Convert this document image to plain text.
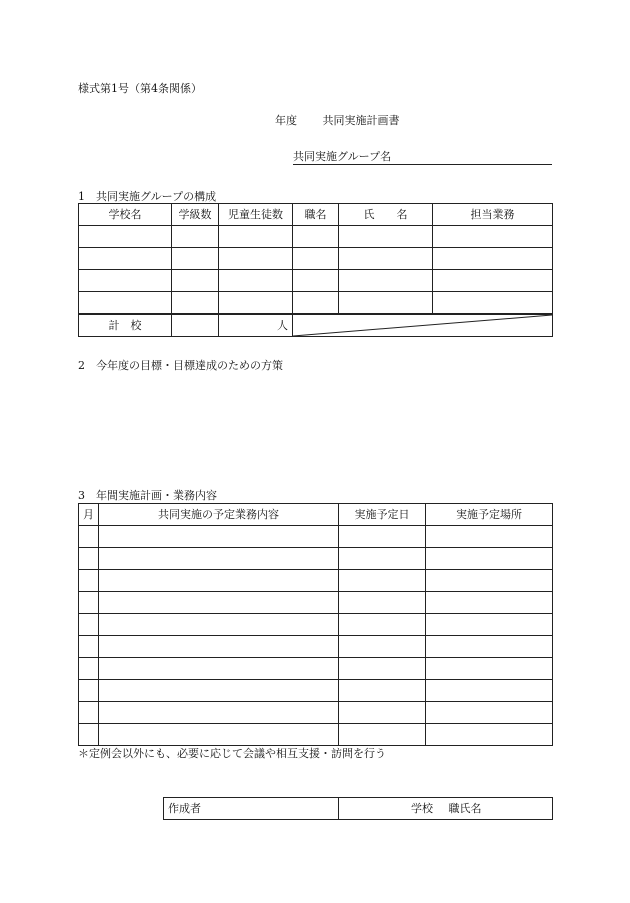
様式第1号（第4条関係）
年度 共同実施計画書
共同実施グループ名
1　共同実施グループの構成
学校名	学級数	児童生徒数	職名	氏　　名	担当業務

計　校		人	
2　今年度の目標・目標達成のための方策
3　年間実施計画・業務内容
月	共同実施の予定業務内容	実施予定日	実施予定場所

＊定例会以外にも、必要に応じて会議や相互支援・訪問を行う
作成者	学校 職氏名
